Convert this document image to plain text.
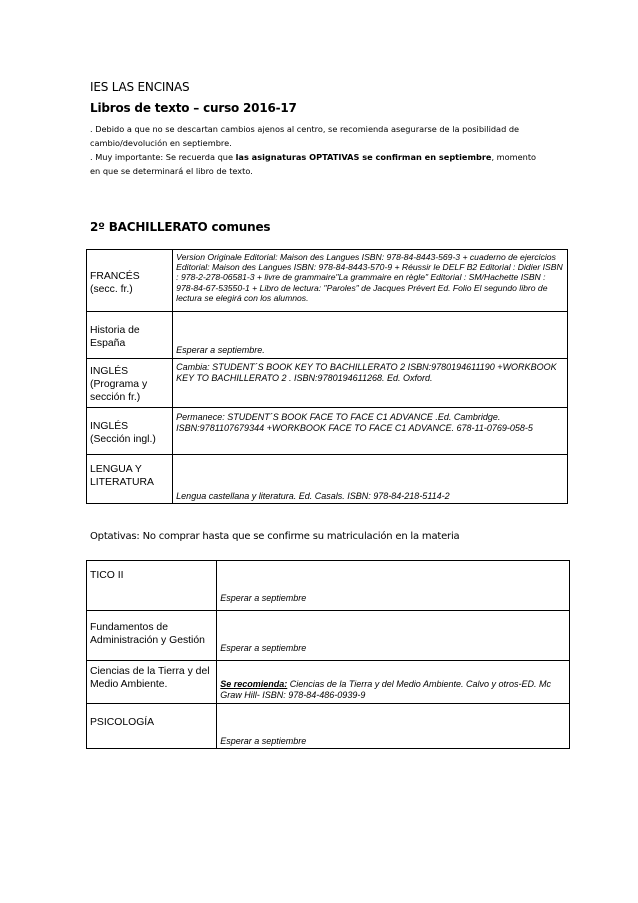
IES LAS ENCINAS
Libros de texto – curso 2016-17
. Debido a que no se descartan cambios ajenos al centro, se recomienda asegurarse de la posibilidad de cambio/devolución en septiembre.
. Muy importante: Se recuerda que las asignaturas OPTATIVAS se confirman en septiembre, momento
en que se determinará el libro de texto.
2º BACHILLERATO comunes
FRANCÉS (secc. fr.)	Version Originale Editorial: Maison des Langues ISBN: 978-84-8443-569-3 + cuaderno de ejercicios Editorial: Maison des Langues ISBN: 978-84-8443-570-9 + Réussir le DELF B2 Editorial : Didier ISBN : 978-2-278-06581-3 + livre de grammaire"La grammaire en règle" Editorial : SM/Hachette ISBN : 978-84-67-53550-1 + Libro de lectura: "Paroles" de Jacques Prévert Ed. Folio El segundo libro de lectura se elegirá con los alumnos.

Historia de España	Esperar a septiembre.

INGLÉS (Programa y sección fr.)	Cambia: STUDENT´S BOOK KEY TO BACHILLERATO 2 ISBN:9780194611190 +WORKBOOK KEY TO BACHILLERATO 2 . ISBN:9780194611268. Ed. Oxford.

INGLÉS (Sección ingl.)	Permanece: STUDENT´S BOOK FACE TO FACE C1 ADVANCE .Ed. Cambridge. ISBN:9781107679344 +WORKBOOK FACE TO FACE C1 ADVANCE. 678-11-0769-058-5

LENGUA Y LITERATURA	Lengua castellana y literatura. Ed. Casals. ISBN: 978-84-218-5114-2
Optativas: No comprar hasta que se confirme su matriculación en la materia
TICO II	Esperar a septiembre

Fundamentos de Administración y Gestión	Esperar a septiembre

Ciencias de la Tierra y del Medio Ambiente.	Se recomienda: Ciencias de la Tierra y del Medio Ambiente. Calvo y otros-ED. Mc Graw Hill- ISBN: 978-84-486-0939-9

PSICOLOGÍA	Esperar a septiembre
